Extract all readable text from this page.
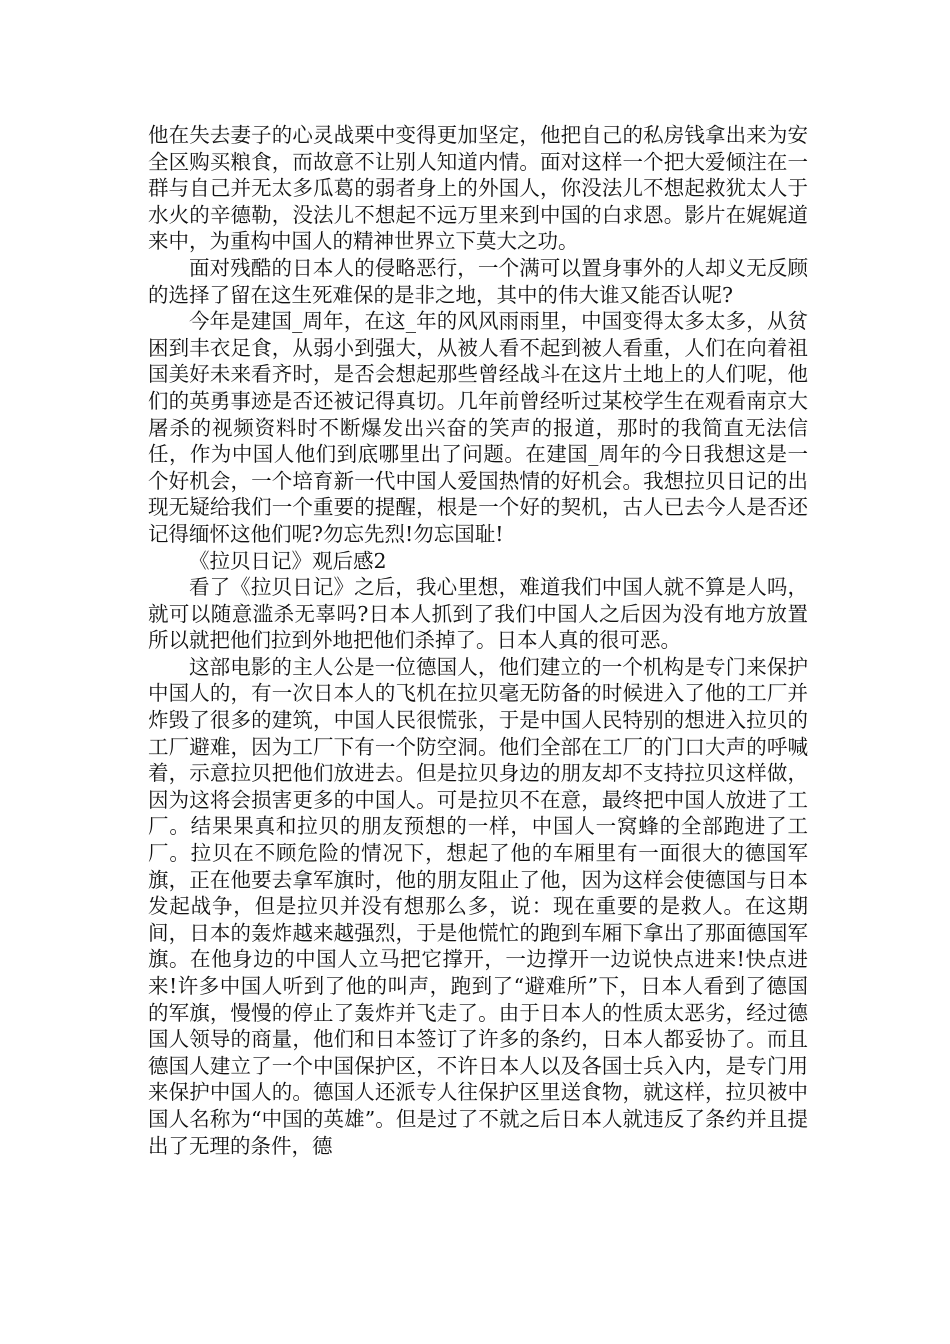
他在失去妻子的心灵战栗中变得更加坚定，他把自己的私房钱拿出来为安全区购买粮食，而故意不让别人知道内情。面对这样一个把大爱倾注在一群与自己并无太多瓜葛的弱者身上的外国人，你没法儿不想起救犹太人于水火的辛德勒，没法儿不想起不远万里来到中国的白求恩。影片在娓娓道来中，为重构中国人的精神世界立下莫大之功。

面对残酷的日本人的侵略恶行，一个满可以置身事外的人却义无反顾的选择了留在这生死难保的是非之地，其中的伟大谁又能否认呢?

今年是建国_周年，在这_年的风风雨雨里，中国变得太多太多，从贫困到丰衣足食，从弱小到强大，从被人看不起到被人看重，人们在向着祖国美好未来看齐时，是否会想起那些曾经战斗在这片土地上的人们呢，他们的英勇事迹是否还被记得真切。几年前曾经听过某校学生在观看南京大屠杀的视频资料时不断爆发出兴奋的笑声的报道，那时的我简直无法信任，作为中国人他们到底哪里出了问题。在建国_周年的今日我想这是一个好机会，一个培育新一代中国人爱国热情的好机会。我想拉贝日记的出现无疑给我们一个重要的提醒，根是一个好的契机，古人已去今人是否还记得缅怀这他们呢?勿忘先烈!勿忘国耻!

《拉贝日记》观后感2

看了《拉贝日记》之后，我心里想，难道我们中国人就不算是人吗，就可以随意滥杀无辜吗?日本人抓到了我们中国人之后因为没有地方放置所以就把他们拉到外地把他们杀掉了。日本人真的很可恶。

这部电影的主人公是一位德国人，他们建立的一个机构是专门来保护中国人的，有一次日本人的飞机在拉贝毫无防备的时候进入了他的工厂并炸毁了很多的建筑，中国人民很慌张，于是中国人民特别的想进入拉贝的工厂避难，因为工厂下有一个防空洞。他们全部在工厂的门口大声的呼喊着，示意拉贝把他们放进去。但是拉贝身边的朋友却不支持拉贝这样做，因为这将会损害更多的中国人。可是拉贝不在意，最终把中国人放进了工厂。结果果真和拉贝的朋友预想的一样，中国人一窝蜂的全部跑进了工厂。拉贝在不顾危险的情况下，想起了他的车厢里有一面很大的德国军旗，正在他要去拿军旗时，他的朋友阻止了他，因为这样会使德国与日本发起战争，但是拉贝并没有想那么多，说：现在重要的是救人。在这期间，日本的轰炸越来越强烈，于是他慌忙的跑到车厢下拿出了那面德国军旗。在他身边的中国人立马把它撑开，一边撑开一边说快点进来!快点进来!许多中国人听到了他的叫声，跑到了“避难所”下，日本人看到了德国的军旗，慢慢的停止了轰炸并飞走了。由于日本人的性质太恶劣，经过德国人领导的商量，他们和日本签订了许多的条约，日本人都妥协了。而且德国人建立了一个中国保护区，不许日本人以及各国士兵入内，是专门用来保护中国人的。德国人还派专人往保护区里送食物，就这样，拉贝被中国人名称为“中国的英雄”。但是过了不就之后日本人就违反了条约并且提出了无理的条件，德
